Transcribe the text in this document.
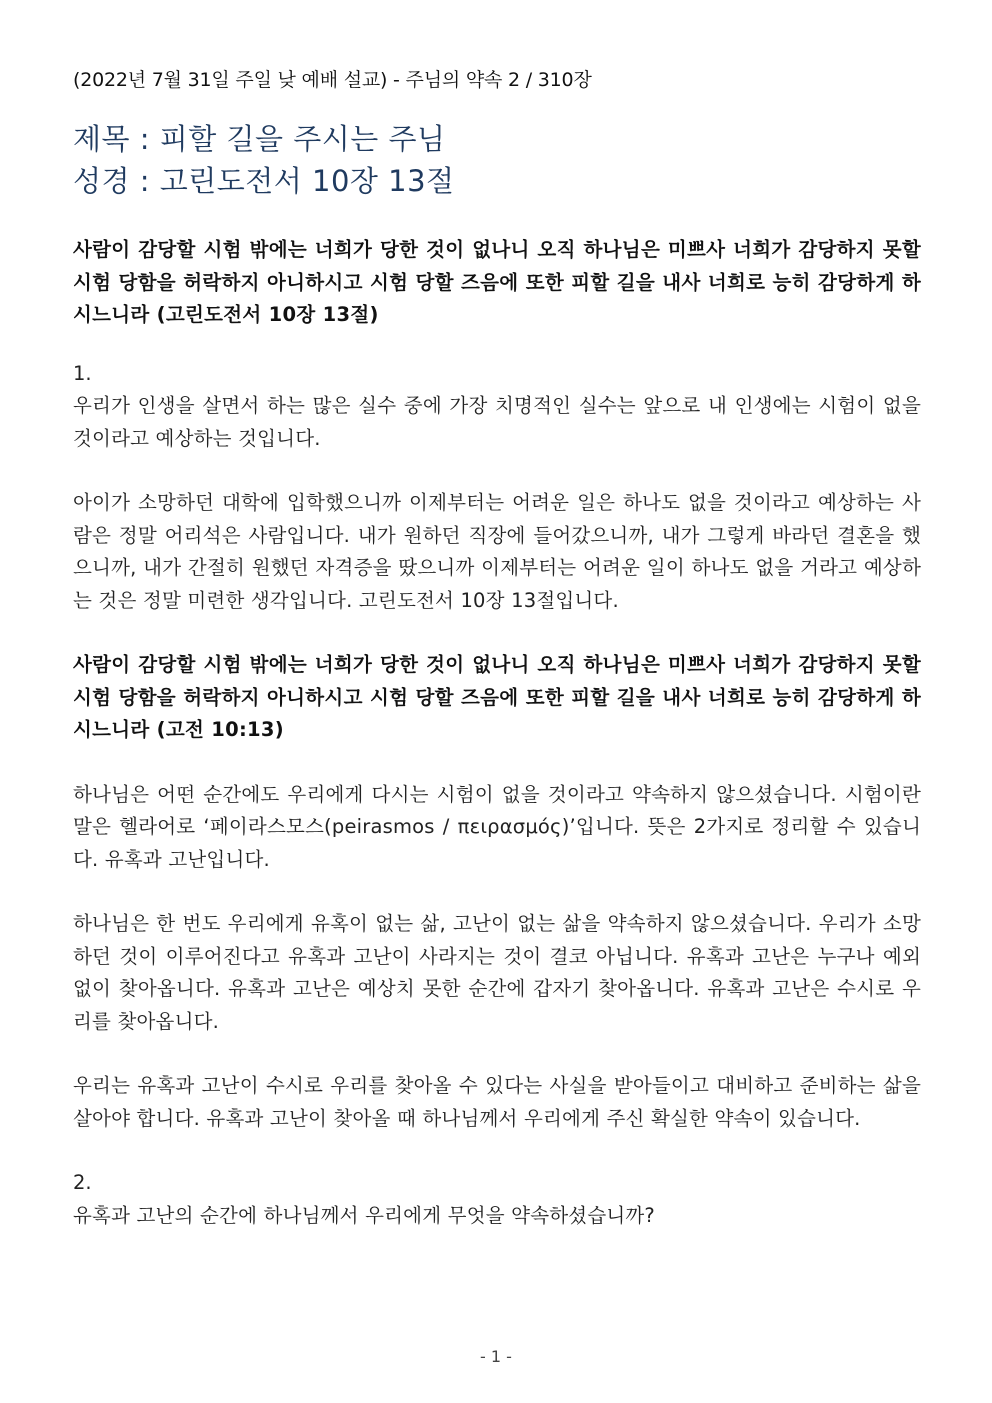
(2022년 7월 31일 주일 낮 예배 설교) - 주님의 약속 2 / 310장

제목 : 피할 길을 주시는 주님

성경 : 고린도전서 10장 13절

사람이 감당할 시험 밖에는 너희가 당한 것이 없나니 오직 하나님은 미쁘사 너희가 감당하지 못할 시험 당함을 허락하지 아니하시고 시험 당할 즈음에 또한 피할 길을 내사 너희로 능히 감당하게 하시느니라 (고린도전서 10장 13절)

1.

우리가 인생을 살면서 하는 많은 실수 중에 가장 치명적인 실수는 앞으로 내 인생에는 시험이 없을 것이라고 예상하는 것입니다.

아이가 소망하던 대학에 입학했으니까 이제부터는 어려운 일은 하나도 없을 것이라고 예상하는 사람은 정말 어리석은 사람입니다. 내가 원하던 직장에 들어갔으니까, 내가 그렇게 바라던 결혼을 했으니까, 내가 간절히 원했던 자격증을 땄으니까 이제부터는 어려운 일이 하나도 없을 거라고 예상하는 것은 정말 미련한 생각입니다. 고린도전서 10장 13절입니다.

사람이 감당할 시험 밖에는 너희가 당한 것이 없나니 오직 하나님은 미쁘사 너희가 감당하지 못할 시험 당함을 허락하지 아니하시고 시험 당할 즈음에 또한 피할 길을 내사 너희로 능히 감당하게 하시느니라 (고전 10:13)

하나님은 어떤 순간에도 우리에게 다시는 시험이 없을 것이라고 약속하지 않으셨습니다. 시험이란 말은 헬라어로 ‘페이라스모스(peirasmos / πειρασμός)’입니다. 뜻은 2가지로 정리할 수 있습니다. 유혹과 고난입니다.

하나님은 한 번도 우리에게 유혹이 없는 삶, 고난이 없는 삶을 약속하지 않으셨습니다. 우리가 소망하던 것이 이루어진다고 유혹과 고난이 사라지는 것이 결코 아닙니다. 유혹과 고난은 누구나 예외 없이 찾아옵니다. 유혹과 고난은 예상치 못한 순간에 갑자기 찾아옵니다. 유혹과 고난은 수시로 우리를 찾아옵니다.

우리는 유혹과 고난이 수시로 우리를 찾아올 수 있다는 사실을 받아들이고 대비하고 준비하는 삶을 살아야 합니다. 유혹과 고난이 찾아올 때 하나님께서 우리에게 주신 확실한 약속이 있습니다.

2.

유혹과 고난의 순간에 하나님께서 우리에게 무엇을 약속하셨습니까?

- 1 -
